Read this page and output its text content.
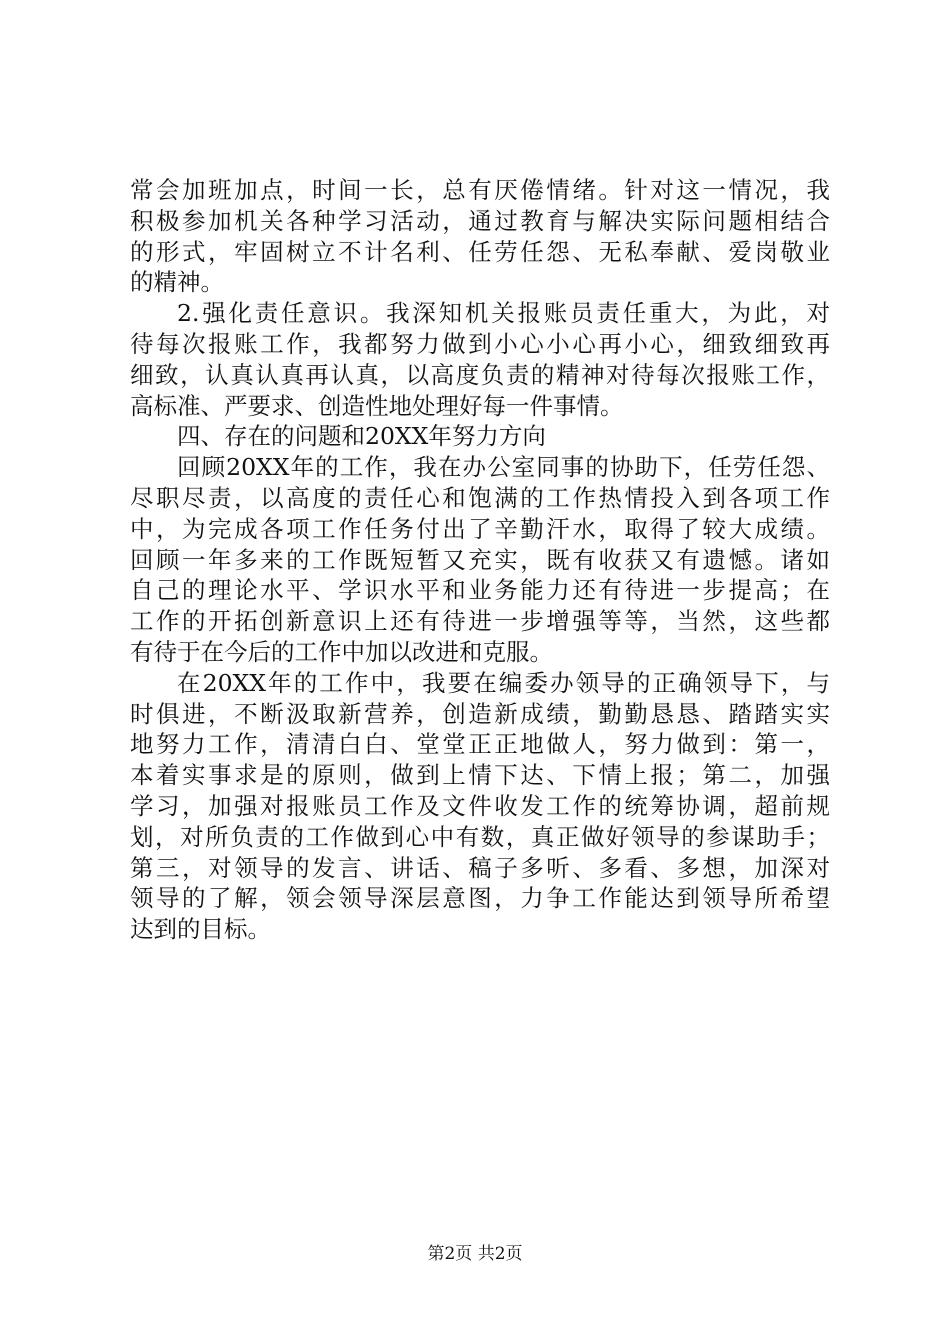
常会加班加点，时间一长，总有厌倦情绪。针对这一情况，我
积极参加机关各种学习活动，通过教育与解决实际问题相结合
的形式，牢固树立不计名利、任劳任怨、无私奉献、爱岗敬业
的精神。
2.强化责任意识。我深知机关报账员责任重大，为此，对
待每次报账工作，我都努力做到小心小心再小心，细致细致再
细致，认真认真再认真，以高度负责的精神对待每次报账工作，
高标准、严要求、创造性地处理好每一件事情。
四、存在的问题和20XX年努力方向
回顾20XX年的工作，我在办公室同事的协助下，任劳任怨、
尽职尽责，以高度的责任心和饱满的工作热情投入到各项工作
中，为完成各项工作任务付出了辛勤汗水，取得了较大成绩。
回顾一年多来的工作既短暂又充实，既有收获又有遗憾。诸如
自己的理论水平、学识水平和业务能力还有待进一步提高；在
工作的开拓创新意识上还有待进一步增强等等，当然，这些都
有待于在今后的工作中加以改进和克服。
在20XX年的工作中，我要在编委办领导的正确领导下，与
时俱进，不断汲取新营养，创造新成绩，勤勤恳恳、踏踏实实
地努力工作，清清白白、堂堂正正地做人，努力做到：第一，
本着实事求是的原则，做到上情下达、下情上报；第二，加强
学习，加强对报账员工作及文件收发工作的统筹协调，超前规
划，对所负责的工作做到心中有数，真正做好领导的参谋助手；
第三，对领导的发言、讲话、稿子多听、多看、多想，加深对
领导的了解，领会领导深层意图，力争工作能达到领导所希望
达到的目标。
第2页 共2页
